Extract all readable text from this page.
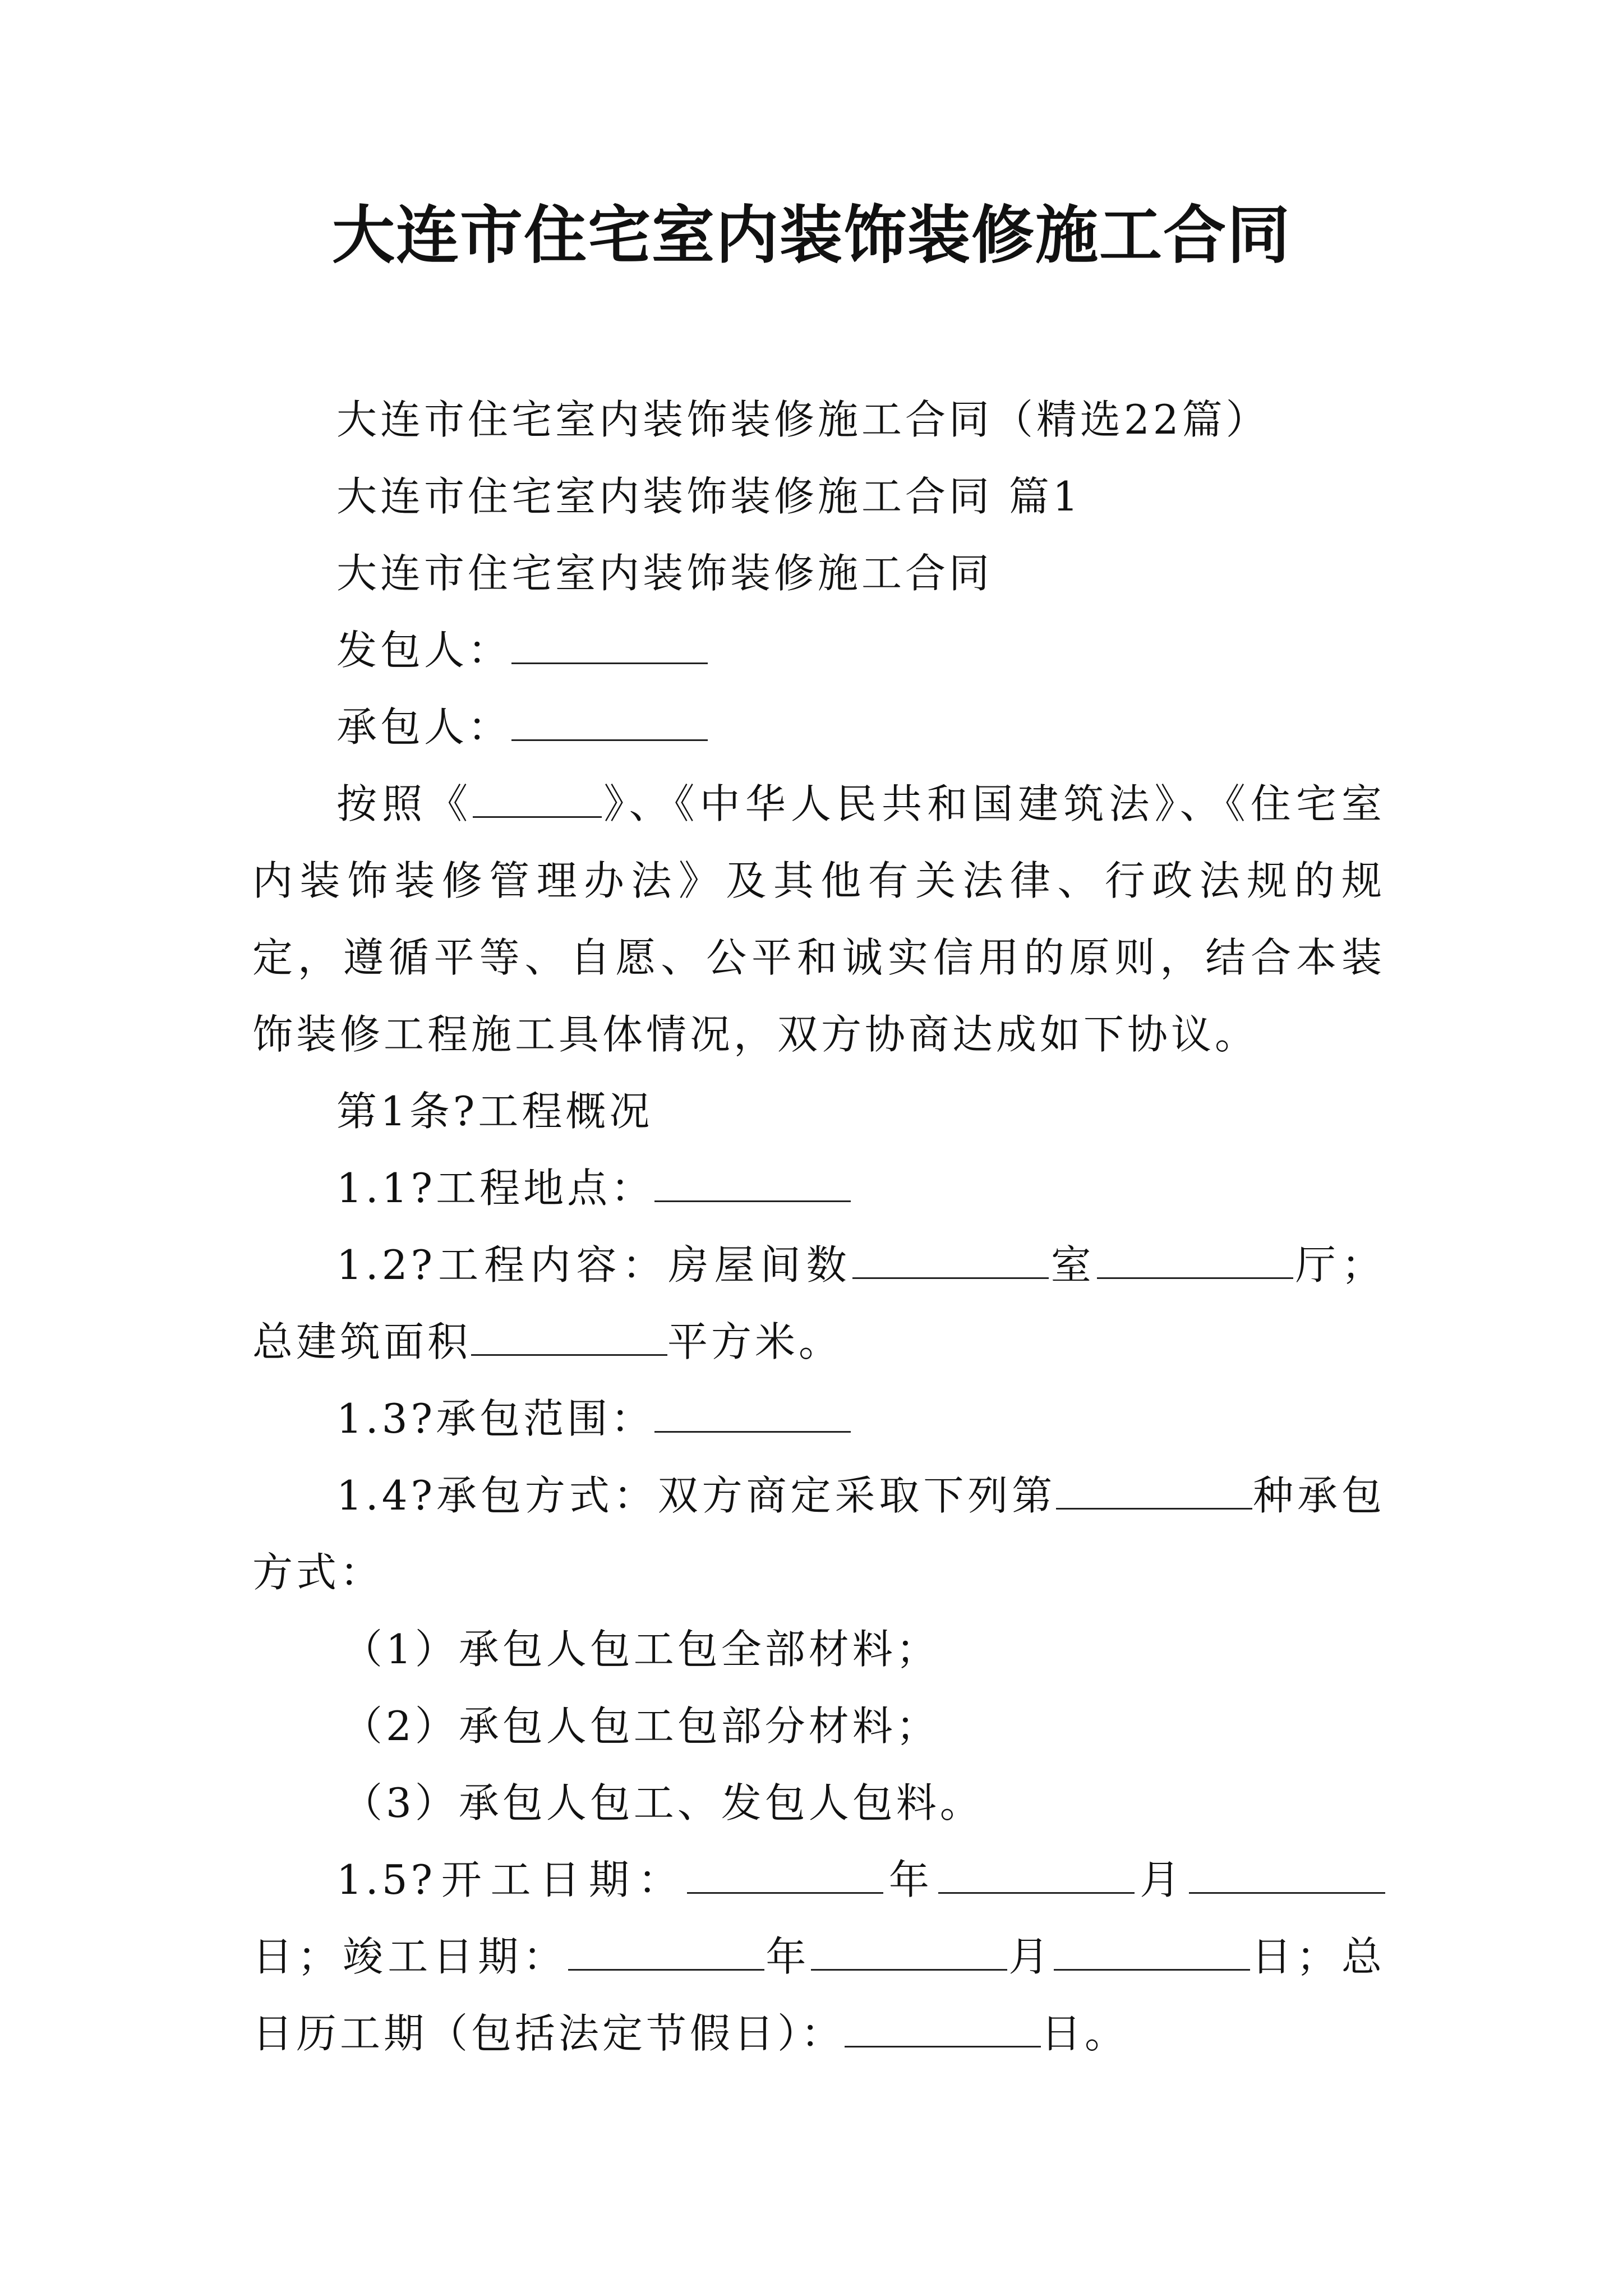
大连市住宅室内装饰装修施工合同

大连市住宅室内装饰装修施工合同（精选22篇）

大连市住宅室内装饰装修施工合同 篇1

大连市住宅室内装饰装修施工合同

发包人：

承包人：

按照《	》、《中华人民共和国建筑法》、《住宅室内装饰装修管理办法》及其他有关法律、行政法规的规定，遵循平等、自愿、公平和诚实信用的原则，结合本装饰装修工程施工具体情况，双方协商达成如下协议。

第1条?工程概况

1.1?工程地点：

1.2?工程内容：房屋间数	室	厅；总建筑面积	平方米。

1.3?承包范围：

1.4?承包方式：双方商定采取下列第	种承包方式：

（1）承包人包工包全部材料；

（2）承包人包工包部分材料；

（3）承包人包工、发包人包料。

1.5?开工日期：	年	月日；竣工日期：	年	月	日；总日历工期（包括法定节假日）：	日。
